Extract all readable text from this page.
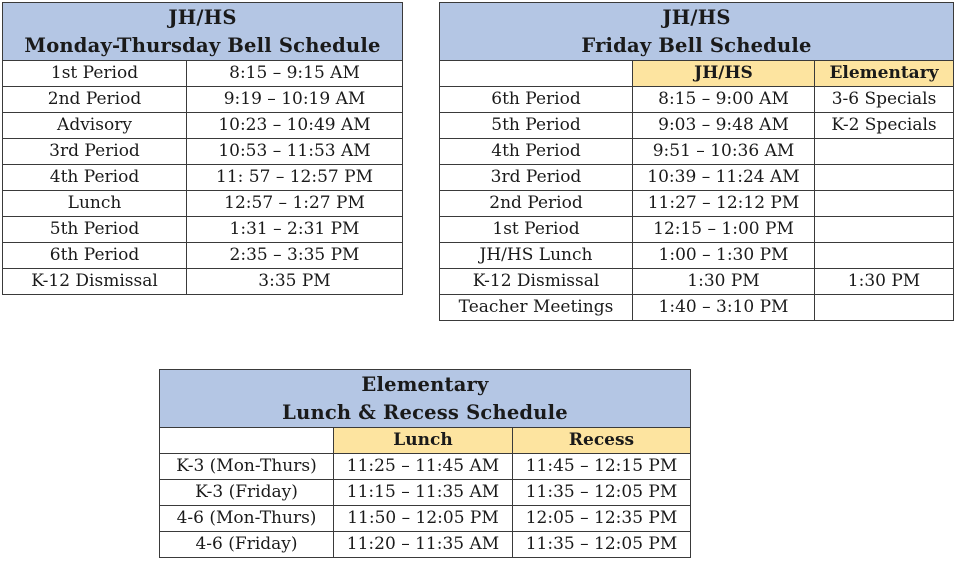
JH/HS
Monday-Thursday Bell Schedule	

1st Period	8:15 – 9:15 AM
2nd Period	9:19 – 10:19 AM
Advisory	10:23 – 10:49 AM
3rd Period	10:53 – 11:53 AM
4th Period	11: 57 – 12:57 PM
Lunch	12:57 – 1:27 PM
5th Period	1:31 – 2:31 PM
6th Period	2:35 – 3:35 PM
K-12 Dismissal	3:35 PM
JH/HS
Friday Bell Schedule		

	JH/HS	Elementary
6th Period	8:15 – 9:00 AM	3-6 Specials
5th Period	9:03 – 9:48 AM	K-2 Specials
4th Period	9:51 – 10:36 AM	
3rd Period	10:39 – 11:24 AM	
2nd Period	11:27 – 12:12 PM	
1st Period	12:15 – 1:00 PM	
JH/HS Lunch	1:00 – 1:30 PM	
K-12 Dismissal	1:30 PM	1:30 PM
Teacher Meetings	1:40 – 3:10 PM	
Elementary
Lunch & Recess Schedule		

	Lunch	Recess
K-3 (Mon-Thurs)	11:25 – 11:45 AM	11:45 – 12:15 PM
K-3 (Friday)	11:15 – 11:35 AM	11:35 – 12:05 PM
4-6 (Mon-Thurs)	11:50 – 12:05 PM	12:05 – 12:35 PM
4-6 (Friday)	11:20 – 11:35 AM	11:35 – 12:05 PM
